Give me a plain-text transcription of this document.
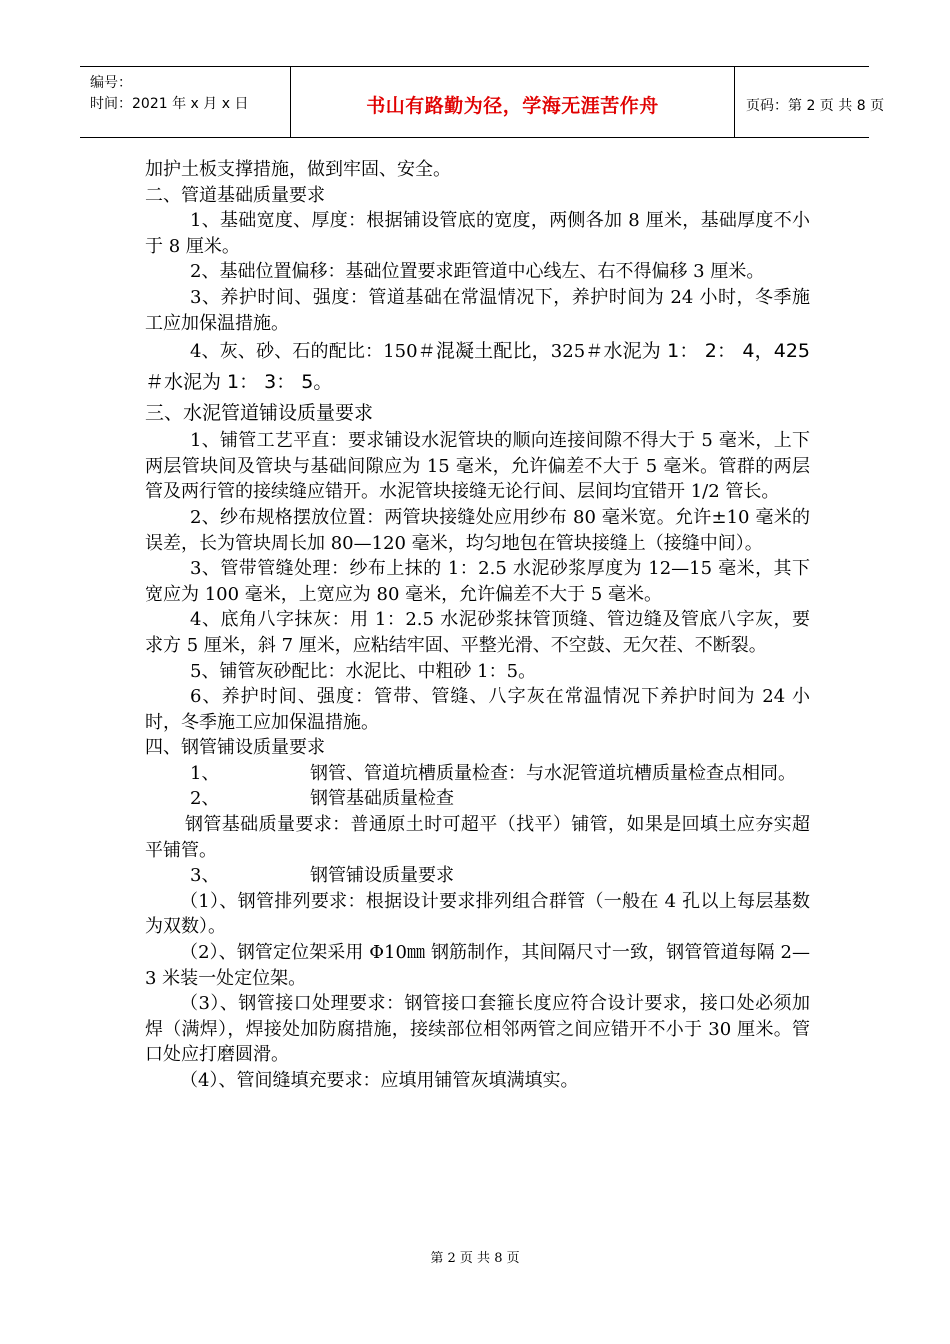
编号：
时间：2021 年 x 月 x 日	书山有路勤为径，学海无涯苦作舟	页码：第 2 页 共 8 页

加护土板支撑措施，做到牢固、安全。

二、管道基础质量要求

1、基础宽度、厚度：根据铺设管底的宽度，两侧各加 8 厘米，基础厚度不小于 8 厘米。

2、基础位置偏移：基础位置要求距管道中心线左、右不得偏移 3 厘米。

3、养护时间、强度：管道基础在常温情况下，养护时间为 24 小时，冬季施工应加保温措施。

4、灰、砂、石的配比：150＃混凝土配比，325＃水泥为 1： 2： 4，425＃水泥为 1： 3： 5。

三、水泥管道铺设质量要求

1、铺管工艺平直：要求铺设水泥管块的顺向连接间隙不得大于 5 毫米，上下两层管块间及管块与基础间隙应为 15 毫米，允许偏差不大于 5 毫米。管群的两层管及两行管的接续缝应错开。水泥管块接缝无论行间、层间均宜错开 1/2 管长。

2、纱布规格摆放位置：两管块接缝处应用纱布 80 毫米宽。允许±10 毫米的误差，长为管块周长加 80—120 毫米，均匀地包在管块接缝上（接缝中间）。

3、管带管缝处理：纱布上抹的 1：2.5 水泥砂浆厚度为 12—15 毫米，其下宽应为 100 毫米，上宽应为 80 毫米，允许偏差不大于 5 毫米。

4、底角八字抹灰：用 1：2.5 水泥砂浆抹管顶缝、管边缝及管底八字灰，要求方 5 厘米，斜 7 厘米，应粘结牢固、平整光滑、不空鼓、无欠茬、不断裂。

5、铺管灰砂配比：水泥比、中粗砂 1：5。

6、养护时间、强度：管带、管缝、八字灰在常温情况下养护时间为 24 小时，冬季施工应加保温措施。

四、钢管铺设质量要求

1、	钢管、管道坑槽质量检查：与水泥管道坑槽质量检查点相同。
2、	钢管基础质量检查

钢管基础质量要求：普通原土时可超平（找平）铺管，如果是回填土应夯实超平铺管。

3、	钢管铺设质量要求

（1）、钢管排列要求：根据设计要求排列组合群管（一般在 4 孔以上每层基数为双数）。

（2）、钢管定位架采用 Φ10㎜ 钢筋制作，其间隔尺寸一致，钢管管道每隔 2—3 米装一处定位架。

（3）、钢管接口处理要求：钢管接口套箍长度应符合设计要求，接口处必须加焊（满焊），焊接处加防腐措施，接续部位相邻两管之间应错开不小于 30 厘米。管口处应打磨圆滑。

（4）、管间缝填充要求：应填用铺管灰填满填实。

第 2 页 共 8 页
